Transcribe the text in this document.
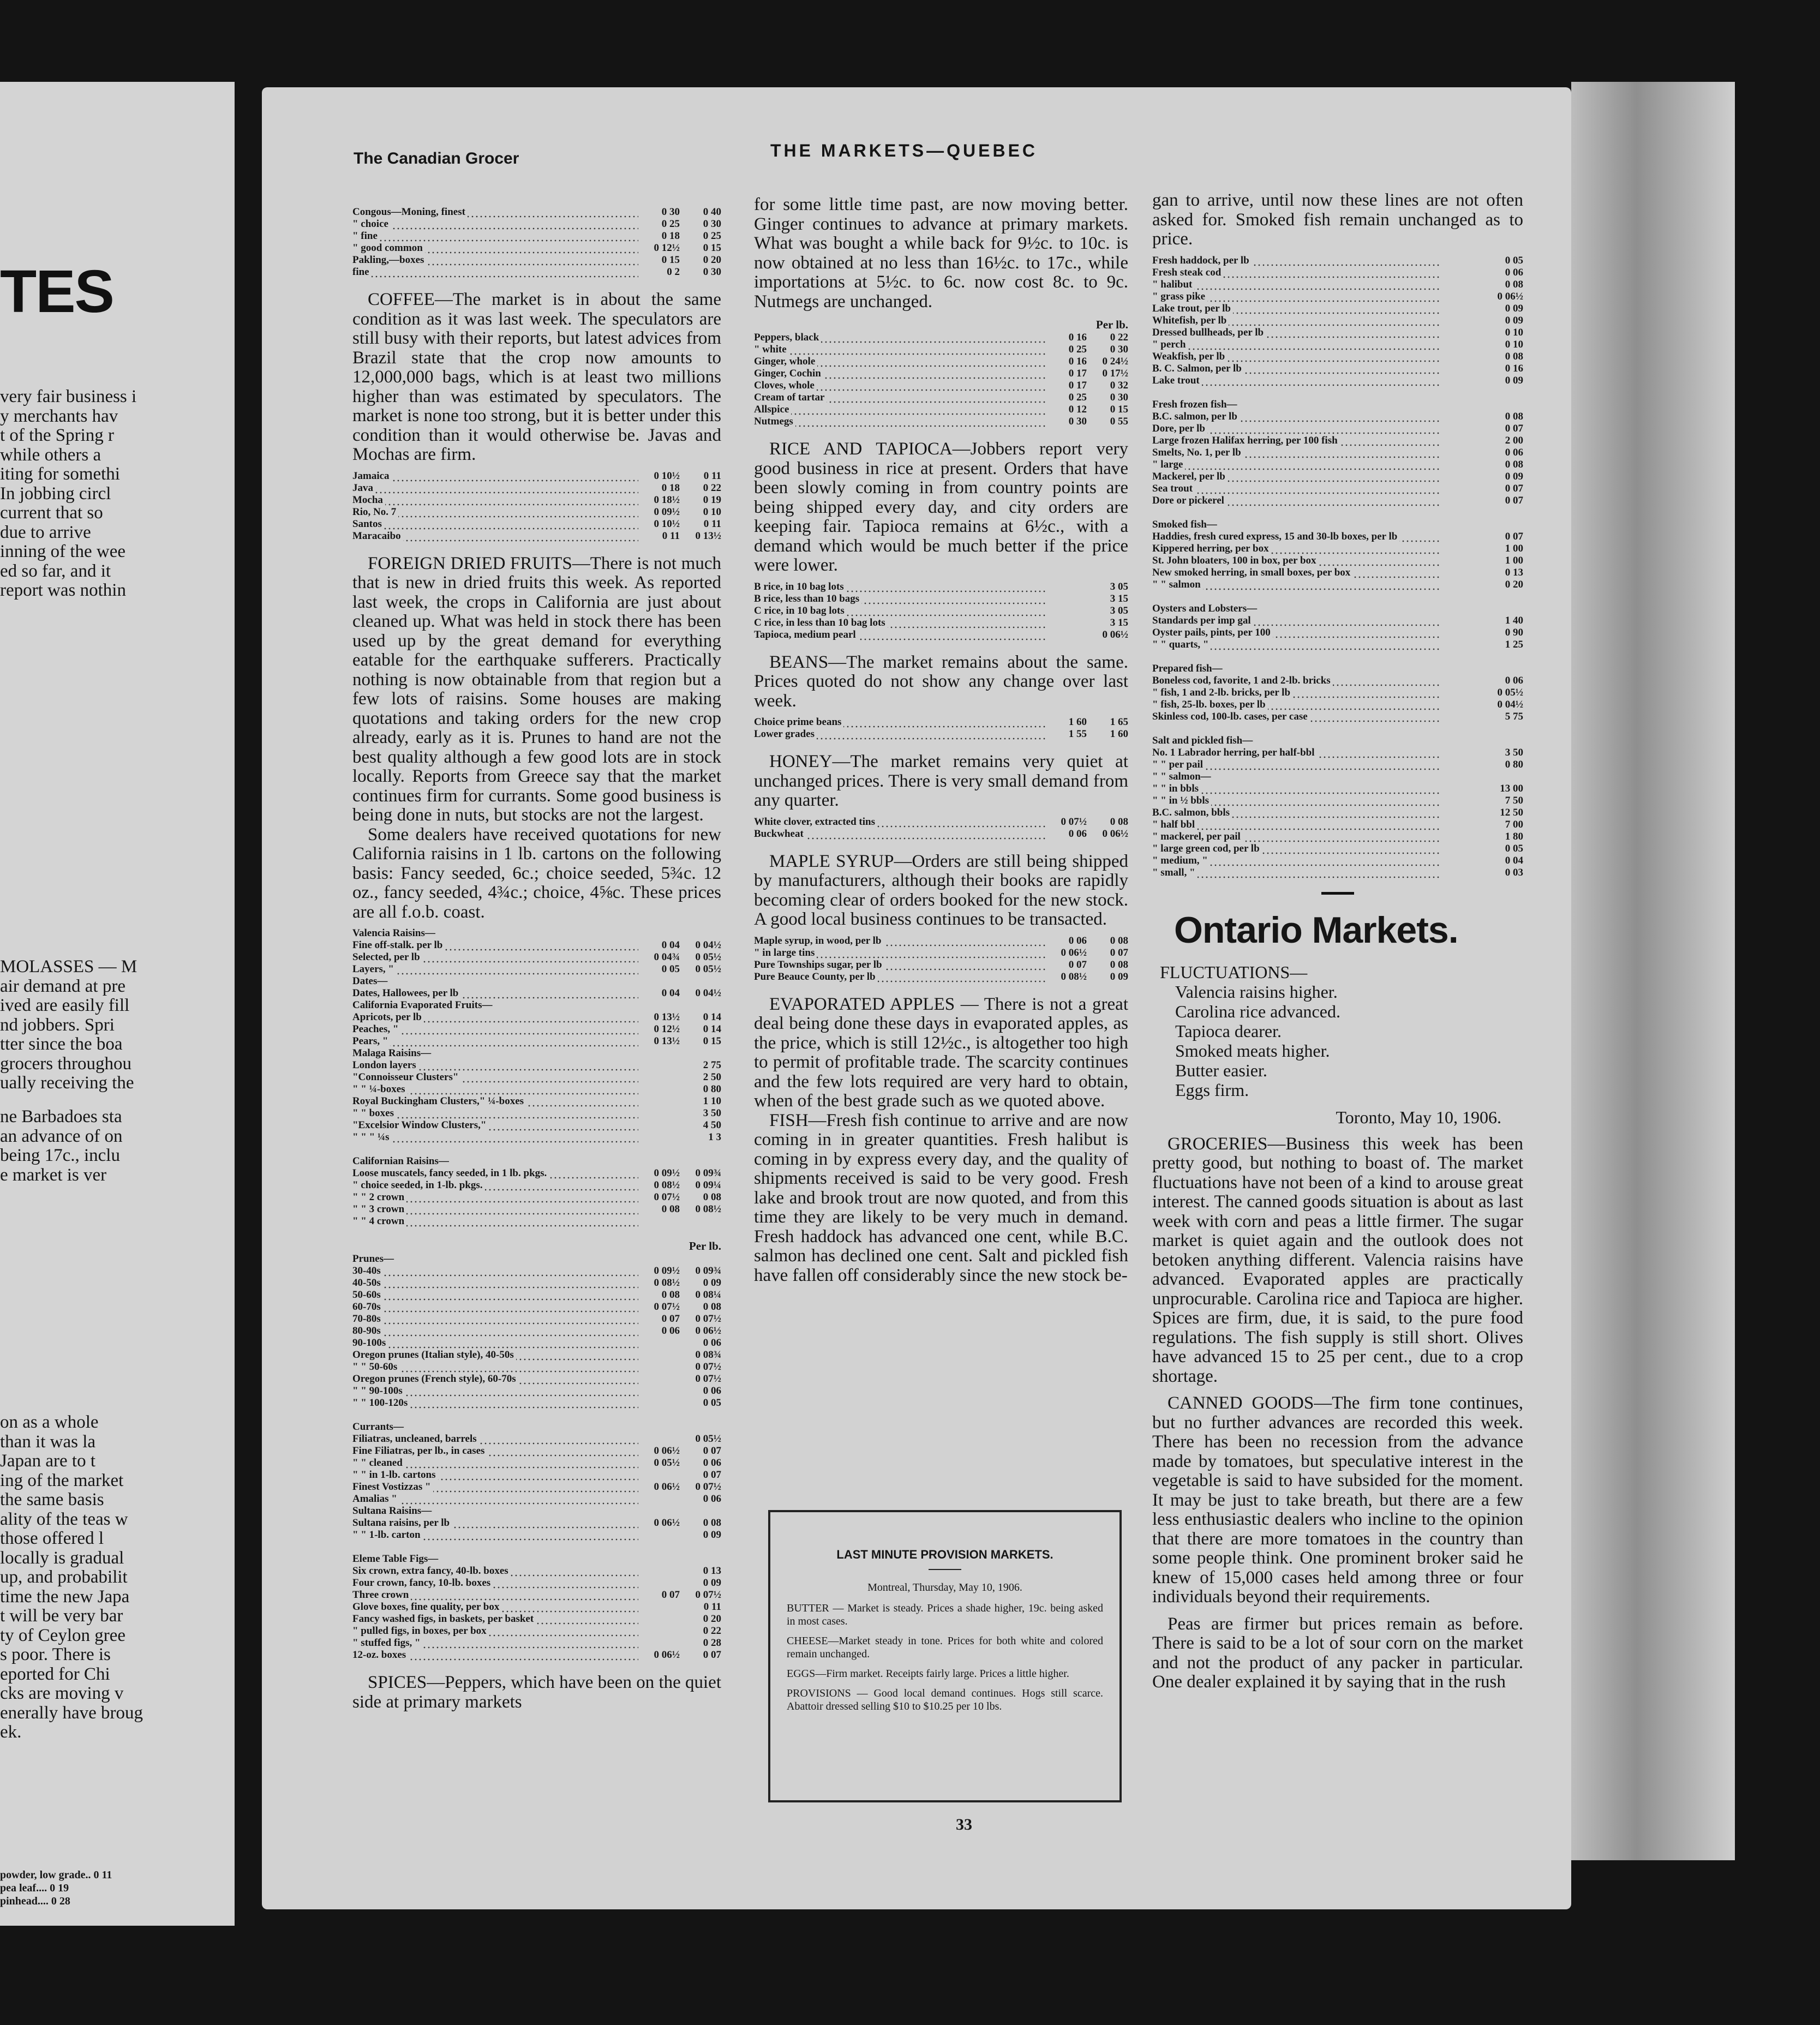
TES
very fair business i
y merchants hav
t of the Spring r
while others a
iting for somethi
In jobbing circl
current that so
due to arrive
inning of the wee
ed so far, and it
report was nothin
MOLASSES — M
air demand at pre
ived are easily fill
nd jobbers. Spri
tter since the boa
grocers throughou
ually receiving the
ne Barbadoes sta
an advance of on
being 17c., inclu
e market is ver
on as a whole
than it was la
Japan are to t
ing of the market
the same basis
ality of the teas w
those offered l
locally is gradual
up, and probabilit
time the new Japa
t will be very bar
ty of Ceylon gree
s poor. There is
eported for Chi
cks are moving v
enerally have broug
ek.
powder, low grade.. 0 11
pea leaf.... 0 19
pinhead.... 0 28
The Canadian Grocer	THE MARKETS—QUEBEC
Congous—Moning, finest	0 30	0 40
" choice	0 25	0 30
" fine	0 18	0 25
" good common	0 12½	0 15
Pakling,—boxes	0 15	0 20
fine	0 2	0 30

COFFEE—The market is in about the same condition as it was last week. The speculators are still busy with their reports, but latest advices from Brazil state that the crop now amounts to 12,000,000 bags, which is at least two millions higher than was estimated by speculators. The market is none too strong, but it is better under this condition than it would otherwise be. Javas and Mochas are firm.

Jamaica	0 10½	0 11
Java	0 18	0 22
Mocha	0 18½	0 19
Rio, No. 7	0 09½	0 10
Santos	0 10½	0 11
Maracaibo	0 11	0 13½

FOREIGN DRIED FRUITS—There is not much that is new in dried fruits this week. As reported last week, the crops in California are just about cleaned up. What was held in stock there has been used up by the great demand for everything eatable for the earthquake sufferers. Practically nothing is now obtainable from that region but a few lots of raisins. Some houses are making quotations and taking orders for the new crop already, early as it is. Prunes to hand are not the best quality although a few good lots are in stock locally. Reports from Greece say that the market continues firm for currants. Some good business is being done in nuts, but stocks are not the largest.

Some dealers have received quotations for new California raisins in 1 lb. cartons on the following basis: Fancy seeded, 6c.; choice seeded, 5¾c. 12 oz., fancy seeded, 4¾c.; choice, 4⅝c. These prices are all f.o.b. coast.

Valencia Raisins—		
Fine off-stalk. per lb	0 04	0 04½
Selected, per lb	0 04¾	0 05½
Layers, "	0 05	0 05½
Dates—		
Dates, Hallowees, per lb	0 04	0 04½
California Evaporated Fruits—		
Apricots, per lb	0 13½	0 14
Peaches, "	0 12½	0 14
Pears, "	0 13½	0 15
Malaga Raisins—		
London layers		2 75
"Connoisseur Clusters"		2 50
" " ¼-boxes		0 80
Royal Buckingham Clusters," ¼-boxes		1 10
" " boxes		3 50
"Excelsior Window Clusters,"		4 50
" " " ¼s		1 3
Californian Raisins—		
Loose muscatels, fancy seeded, in 1 lb. pkgs.	0 09½	0 09¾
" choice seeded, in 1-lb. pkgs.	0 08½	0 09¼
" " 2 crown	0 07½	0 08
" " 3 crown	0 08	0 08½
" " 4 crown		
Per lb.
Prunes—		
30-40s	0 09½	0 09¾
40-50s	0 08½	0 09
50-60s	0 08	0 08¼
60-70s	0 07½	0 08
70-80s	0 07	0 07½
80-90s	0 06	0 06½
90-100s		0 06
Oregon prunes (Italian style), 40-50s		0 08¾
" " 50-60s		0 07½
Oregon prunes (French style), 60-70s		0 07½
" " 90-100s		0 06
" " 100-120s		0 05
Currants—		
Filiatras, uncleaned, barrels		0 05½
Fine Filiatras, per lb., in cases	0 06½	0 07
" " cleaned	0 05½	0 06
" " in 1-lb. cartons		0 07
Finest Vostizzas "	0 06½	0 07½
Amalias "		0 06
Sultana Raisins—		
Sultana raisins, per lb	0 06½	0 08
" " 1-lb. carton		0 09
Eleme Table Figs—		
Six crown, extra fancy, 40-lb. boxes		0 13
Four crown, fancy, 10-lb. boxes		0 09
Three crown	0 07	0 07½
Glove boxes, fine quality, per box		0 11
Fancy washed figs, in baskets, per basket		0 20
" pulled figs, in boxes, per box		0 22
" stuffed figs, "		0 28
12-oz. boxes	0 06½	0 07

SPICES—Peppers, which have been on the quiet side at primary markets

for some little time past, are now moving better. Ginger continues to advance at primary markets. What was bought a while back for 9½c. to 10c. is now obtained at no less than 16½c. to 17c., while importations at 5½c. to 6c. now cost 8c. to 9c. Nutmegs are unchanged.

Per lb.
Peppers, black	0 16	0 22
" white	0 25	0 30
Ginger, whole	0 16	0 24½
Ginger, Cochin	0 17	0 17½
Cloves, whole	0 17	0 32
Cream of tartar	0 25	0 30
Allspice	0 12	0 15
Nutmegs	0 30	0 55

RICE AND TAPIOCA—Jobbers report very good business in rice at present. Orders that have been slowly coming in from country points are being shipped every day, and city orders are keeping fair. Tapioca remains at 6½c., with a demand which would be much better if the price were lower.

B rice, in 10 bag lots		3 05
B rice, less than 10 bags		3 15
C rice, in 10 bag lots		3 05
C rice, in less than 10 bag lots		3 15
Tapioca, medium pearl		0 06½

BEANS—The market remains about the same. Prices quoted do not show any change over last week.

Choice prime beans	1 60	1 65
Lower grades	1 55	1 60

HONEY—The market remains very quiet at unchanged prices. There is very small demand from any quarter.

White clover, extracted tins	0 07½	0 08
Buckwheat	0 06	0 06½

MAPLE SYRUP—Orders are still being shipped by manufacturers, although their books are rapidly becoming clear of orders booked for the new stock. A good local business continues to be transacted.

Maple syrup, in wood, per lb	0 06	0 08
" in large tins	0 06½	0 07
Pure Townships sugar, per lb	0 07	0 08
Pure Beauce County, per lb	0 08½	0 09

EVAPORATED APPLES — There is not a great deal being done these days in evaporated apples, as the price, which is still 12½c., is altogether too high to permit of profitable trade. The scarcity continues and the few lots required are very hard to obtain, when of the best grade such as we quoted above.

FISH—Fresh fish continue to arrive and are now coming in in greater quantities. Fresh halibut is coming in by express every day, and the quality of shipments received is said to be very good. Fresh lake and brook trout are now quoted, and from this time they are likely to be very much in demand. Fresh haddock has advanced one cent, while B.C. salmon has declined one cent. Salt and pickled fish have fallen off considerably since the new stock be-

LAST MINUTE PROVISION MARKETS.
Montreal, Thursday, May 10, 1906.

BUTTER — Market is steady. Prices a shade higher, 19c. being asked in most cases.

CHEESE—Market steady in tone. Prices for both white and colored remain unchanged.

EGGS—Firm market. Receipts fairly large. Prices a little higher.

PROVISIONS — Good local demand continues. Hogs still scarce. Abattoir dressed selling $10 to $10.25 per 10 lbs.

33

gan to arrive, until now these lines are not often asked for. Smoked fish remain unchanged as to price.

Fresh haddock, per lb		0 05
Fresh steak cod		0 06
" halibut		0 08
" grass pike		0 06½
Lake trout, per lb		0 09
Whitefish, per lb		0 09
Dressed bullheads, per lb		0 10
" perch		0 10
Weakfish, per lb		0 08
B. C. Salmon, per lb		0 16
Lake trout		0 09
Fresh frozen fish—		
B.C. salmon, per lb		0 08
Dore, per lb		0 07
Large frozen Halifax herring, per 100 fish		2 00
Smelts, No. 1, per lb		0 06
" large		0 08
Mackerel, per lb		0 09
Sea trout		0 07
Dore or pickerel		0 07
Smoked fish—		
Haddies, fresh cured express, 15 and 30-lb boxes, per lb		0 07
Kippered herring, per box		1 00
St. John bloaters, 100 in box, per box		1 00
New smoked herring, in small boxes, per box		0 13
" " salmon		0 20
Oysters and Lobsters—		
Standards per imp gal		1 40
Oyster pails, pints, per 100		0 90
" " quarts, "		1 25
Prepared fish—		
Boneless cod, favorite, 1 and 2-lb. bricks		0 06
" fish, 1 and 2-lb. bricks, per lb		0 05½
" fish, 25-lb. boxes, per lb		0 04½
Skinless cod, 100-lb. cases, per case		5 75
Salt and pickled fish—		
No. 1 Labrador herring, per half-bbl		3 50
" " per pail		0 80
" " salmon—		
" " in bbls		13 00
" " in ½ bbls		7 50
B.C. salmon, bbls		12 50
" half bbl		7 00
" mackerel, per pail		1 80
" large green cod, per lb		0 05
" medium, "		0 04
" small, "		0 03
Ontario Markets.
FLUCTUATIONS—
Valencia raisins higher.
Carolina rice advanced.
Tapioca dearer.
Smoked meats higher.
Butter easier.
Eggs firm.
Toronto, May 10, 1906.

GROCERIES—Business this week has been pretty good, but nothing to boast of. The market fluctuations have not been of a kind to arouse great interest. The canned goods situation is about as last week with corn and peas a little firmer. The sugar market is quiet again and the outlook does not betoken anything different. Valencia raisins have advanced. Evaporated apples are practically unprocurable. Carolina rice and Tapioca are higher. Spices are firm, due, it is said, to the pure food regulations. The fish supply is still short. Olives have advanced 15 to 25 per cent., due to a crop shortage.

CANNED GOODS—The firm tone continues, but no further advances are recorded this week. There has been no recession from the advance made by tomatoes, but speculative interest in the vegetable is said to have subsided for the moment. It may be just to take breath, but there are a few less enthusiastic dealers who incline to the opinion that there are more tomatoes in the country than some people think. One prominent broker said he knew of 15,000 cases held among three or four individuals beyond their requirements.

Peas are firmer but prices remain as before. There is said to be a lot of sour corn on the market and not the product of any packer in particular. One dealer explained it by saying that in the rush
